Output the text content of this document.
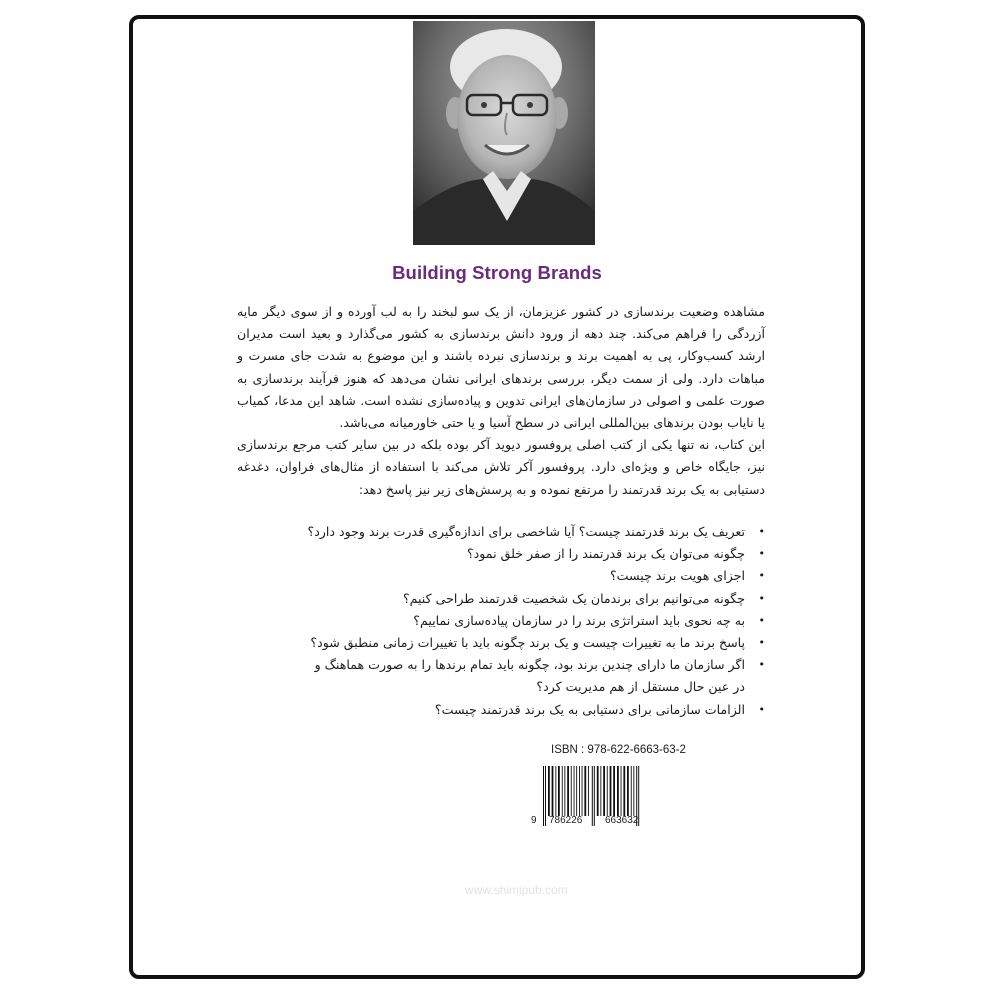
Building Strong Brands

مشاهده وضعیت برندسازی در کشور عزیزمان، از یک سو لبخند را به لب آورده و از سوی دیگر مایه آزردگی را فراهم می‌کند. چند دهه از ورود دانش برندسازی به کشور می‌گذارد و بعید است مدیران ارشد کسب‌وکار، پی به اهمیت برند و برندسازی نبرده باشند و این موضوع به شدت جای مسرت و مباهات دارد. ولی از سمت دیگر، بررسی برندهای ایرانی نشان می‌دهد که هنوز فرآیند برندسازی به صورت علمی و اصولی در سازمان‌های ایرانی تدوین و پیاده‌سازی نشده است. شاهد این مدعا، کمیاب یا نایاب بودن برندهای بین‌المللی ایرانی در سطح آسیا و یا حتی خاورمیانه می‌باشد.

این کتاب، نه تنها یکی از کتب اصلی پروفسور دیوید آکر بوده بلکه در بین سایر کتب مرجع برندسازی نیز، جایگاه خاص و ویژه‌ای دارد. پروفسور آکر تلاش می‌کند با استفاده از مثال‌های فراوان، دغدغه دستیابی به یک برند قدرتمند را مرتفع نموده و به پرسش‌های زیر نیز پاسخ دهد:

•
تعریف یک برند قدرتمند چیست؟ آیا شاخصی برای اندازه‌گیری قدرت برند وجود دارد؟
•
چگونه می‌توان یک برند قدرتمند را از صفر خلق نمود؟
•
اجزای هویت برند چیست؟
•
چگونه می‌توانیم برای برندمان یک شخصیت قدرتمند طراحی کنیم؟
•
به چه نحوی باید استراتژی برند را در سازمان پیاده‌سازی نماییم؟
•
پاسخ برند ما به تغییرات چیست و یک برند چگونه باید با تغییرات زمانی منطبق شود؟
•
اگر سازمان ما دارای چندین برند بود، چگونه باید تمام برندها را به صورت هماهنگ و در عین حال مستقل از هم مدیریت کرد؟
•
الزامات سازمانی برای دستیابی به یک برند قدرتمند چیست؟
ISBN : 978-622-6663-63-2
9 786226 663632
www.shimipub.com
